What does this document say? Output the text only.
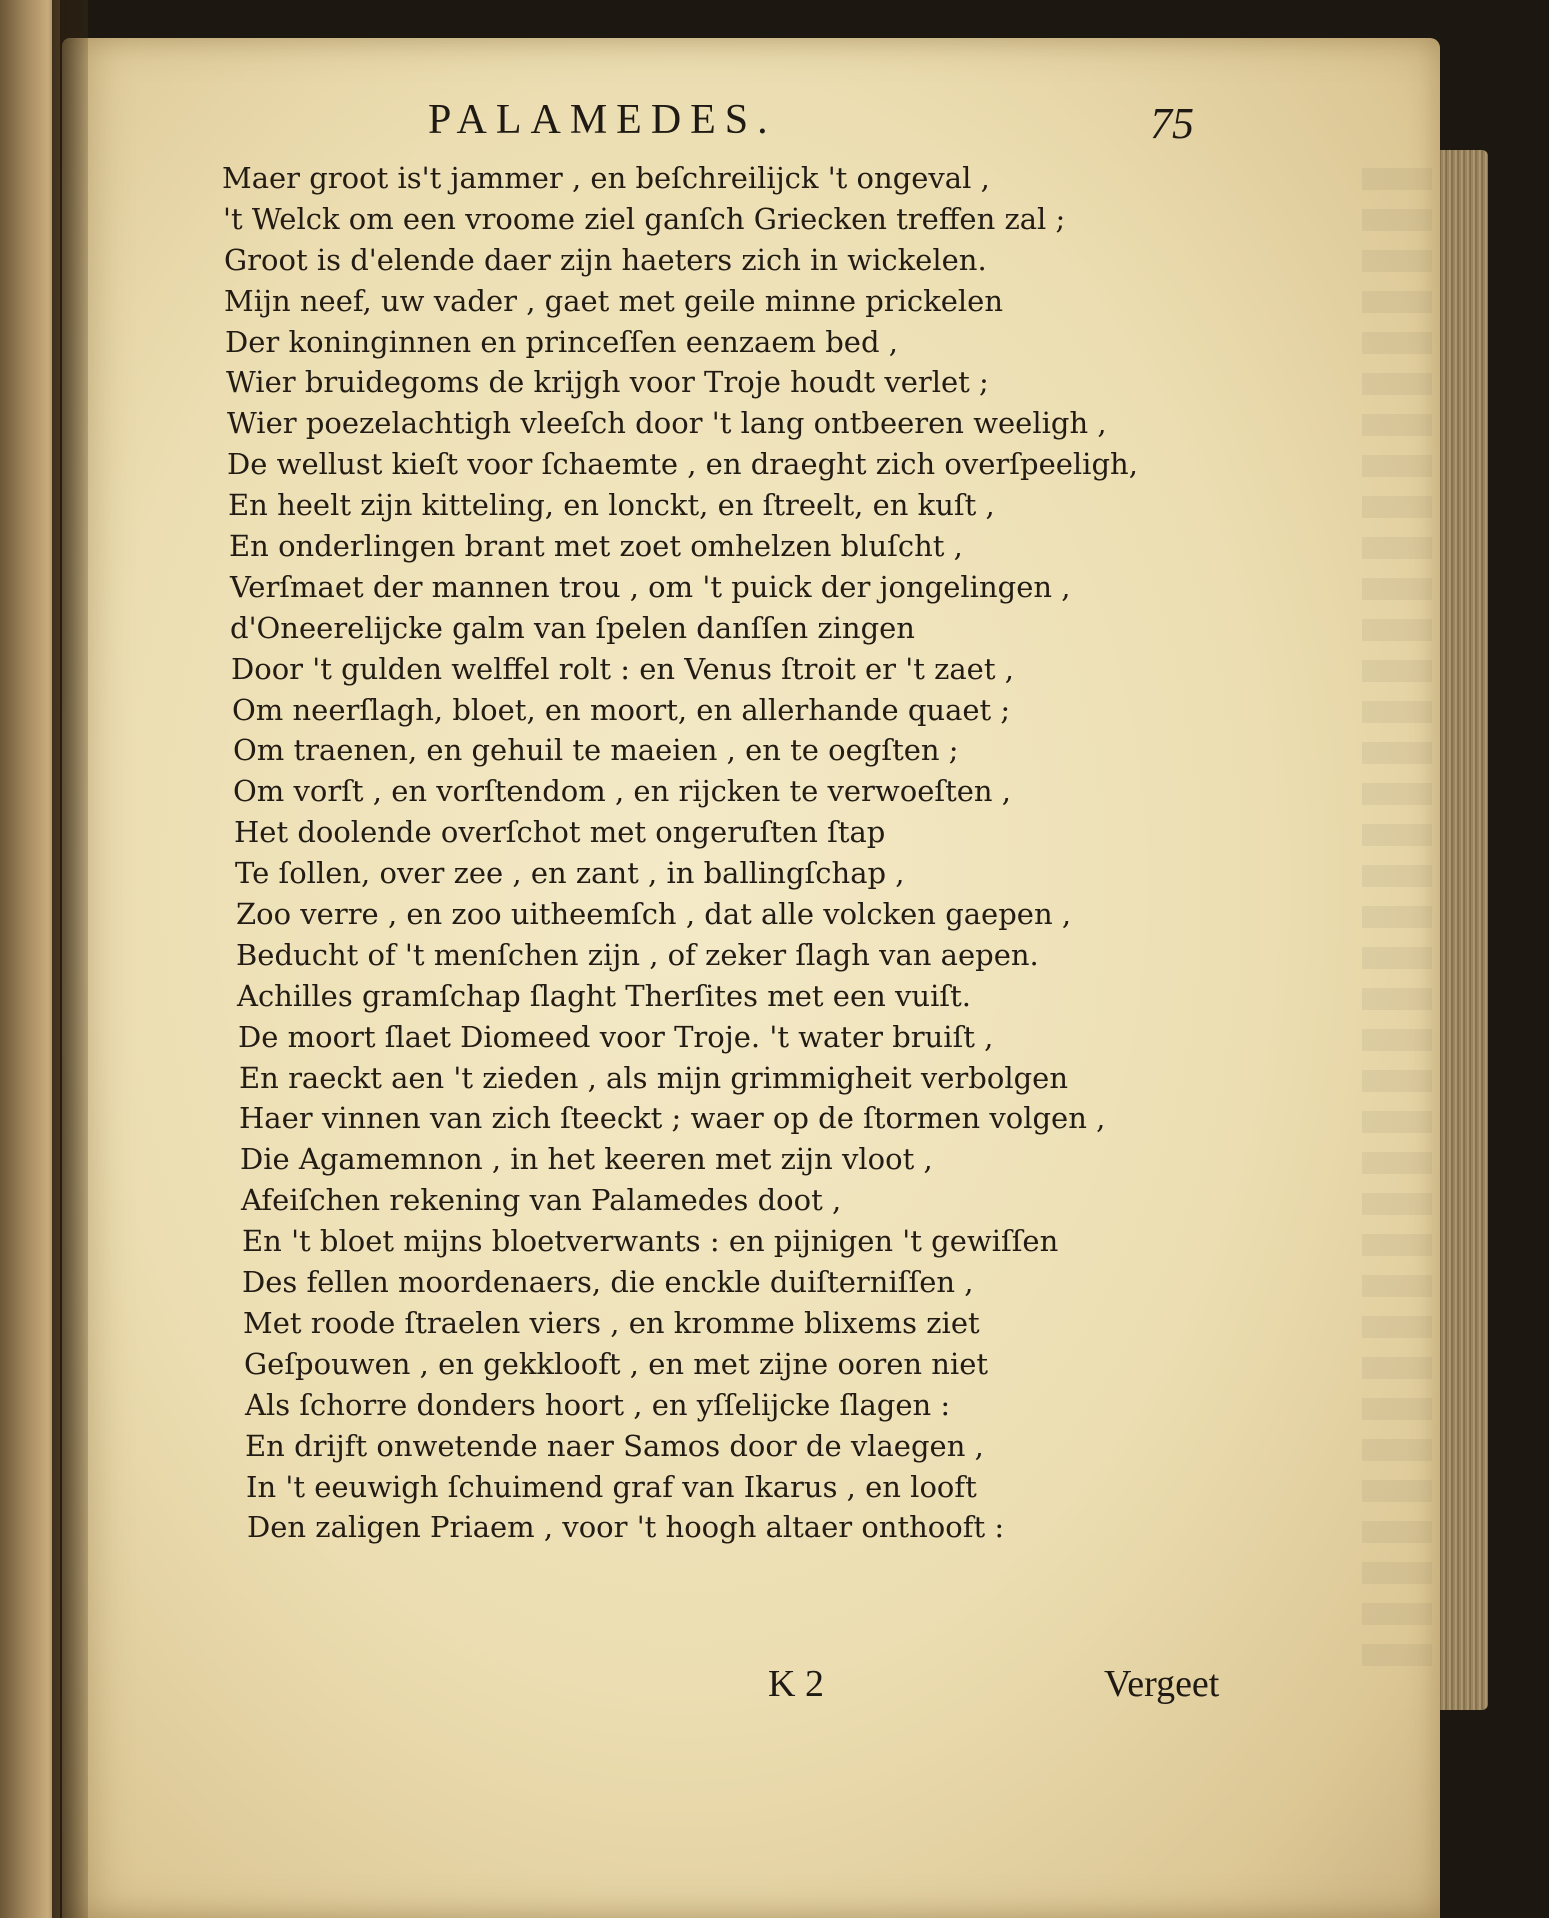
PALAMEDES.	75
Maer groot is't jammer , en beſchreilijck 't ongeval ,
't Welck om een vroome ziel ganſch Griecken treffen zal ;
Groot is d'elende daer zijn haeters zich in wickelen.
Mijn neef, uw vader , gaet met geile minne prickelen
Der koninginnen en princeſſen eenzaem bed ,
Wier bruidegoms de krijgh voor Troje houdt verlet ;
Wier poezelachtigh vleeſch door 't lang ontbeeren weeligh ,
De wellust kieſt voor ſchaemte , en draeght zich overſpeeligh,
En heelt zijn kitteling, en lonckt, en ſtreelt, en kuſt ,
En onderlingen brant met zoet omhelzen bluſcht ,
Verſmaet der mannen trou , om 't puick der jongelingen ,
d'Oneerelijcke galm van ſpelen danſſen zingen
Door 't gulden welffel rolt : en Venus ſtroit er 't zaet ,
Om neerſlagh, bloet, en moort, en allerhande quaet ;
Om traenen, en gehuil te maeien , en te oegſten ;
Om vorſt , en vorſtendom , en rijcken te verwoeſten ,
Het doolende overſchot met ongeruſten ſtap
Te ſollen, over zee , en zant , in ballingſchap ,
Zoo verre , en zoo uitheemſch , dat alle volcken gaepen ,
Beducht of 't menſchen zijn , of zeker ſlagh van aepen.
Achilles gramſchap ſlaght Therſites met een vuiſt.
De moort ſlaet Diomeed voor Troje. 't water bruiſt ,
En raeckt aen 't zieden , als mijn grimmigheit verbolgen
Haer vinnen van zich ſteeckt ; waer op de ſtormen volgen ,
Die Agamemnon , in het keeren met zijn vloot ,
Afeiſchen rekening van Palamedes doot ,
En 't bloet mijns bloetverwants : en pijnigen 't gewiſſen
Des fellen moordenaers, die enckle duiſterniſſen ,
Met roode ſtraelen viers , en kromme blixems ziet
Geſpouwen , en gekklooft , en met zijne ooren niet
Als ſchorre donders hoort , en yſſelijcke ſlagen :
En drijft onwetende naer Samos door de vlaegen ,
In 't eeuwigh ſchuimend graf van Ikarus , en looft
Den zaligen Priaem , voor 't hoogh altaer onthooft :
K 2	Vergeet
